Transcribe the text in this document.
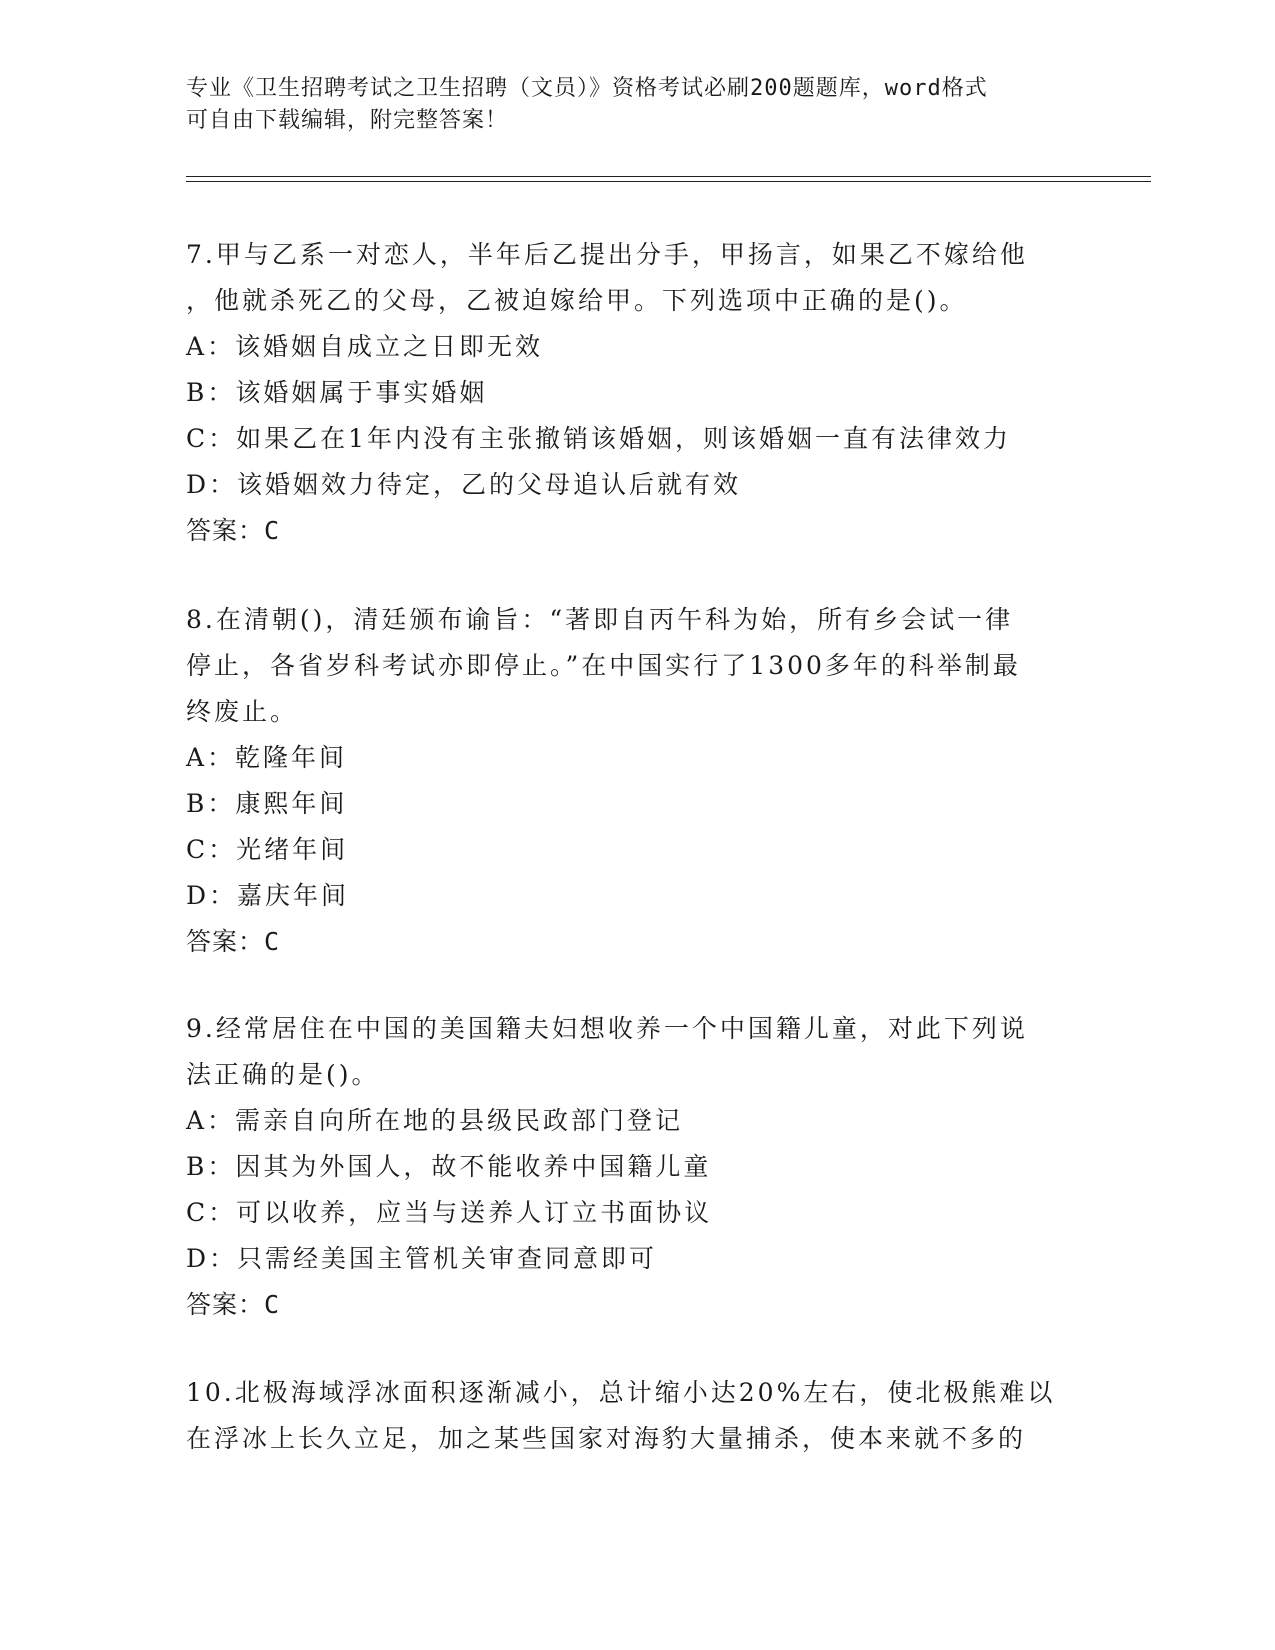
专业《卫生招聘考试之卫生招聘（文员）》资格考试必刷200题题库，word格式
可自由下载编辑，附完整答案！
7.甲与乙系一对恋人，半年后乙提出分手，甲扬言，如果乙不嫁给他
，他就杀死乙的父母，乙被迫嫁给甲。下列选项中正确的是()。
A：该婚姻自成立之日即无效
B：该婚姻属于事实婚姻
C：如果乙在1年内没有主张撤销该婚姻，则该婚姻一直有法律效力
D：该婚姻效力待定，乙的父母追认后就有效
答案：C
8.在清朝()，清廷颁布谕旨：“著即自丙午科为始，所有乡会试一律
停止，各省岁科考试亦即停止。”在中国实行了1300多年的科举制最
终废止。
A：乾隆年间
B：康熙年间
C：光绪年间
D：嘉庆年间
答案：C
9.经常居住在中国的美国籍夫妇想收养一个中国籍儿童，对此下列说
法正确的是()。
A：需亲自向所在地的县级民政部门登记
B：因其为外国人，故不能收养中国籍儿童
C：可以收养，应当与送养人订立书面协议
D：只需经美国主管机关审查同意即可
答案：C
10.北极海域浮冰面积逐渐减小，总计缩小达20%左右，使北极熊难以
在浮冰上长久立足，加之某些国家对海豹大量捕杀，使本来就不多的
